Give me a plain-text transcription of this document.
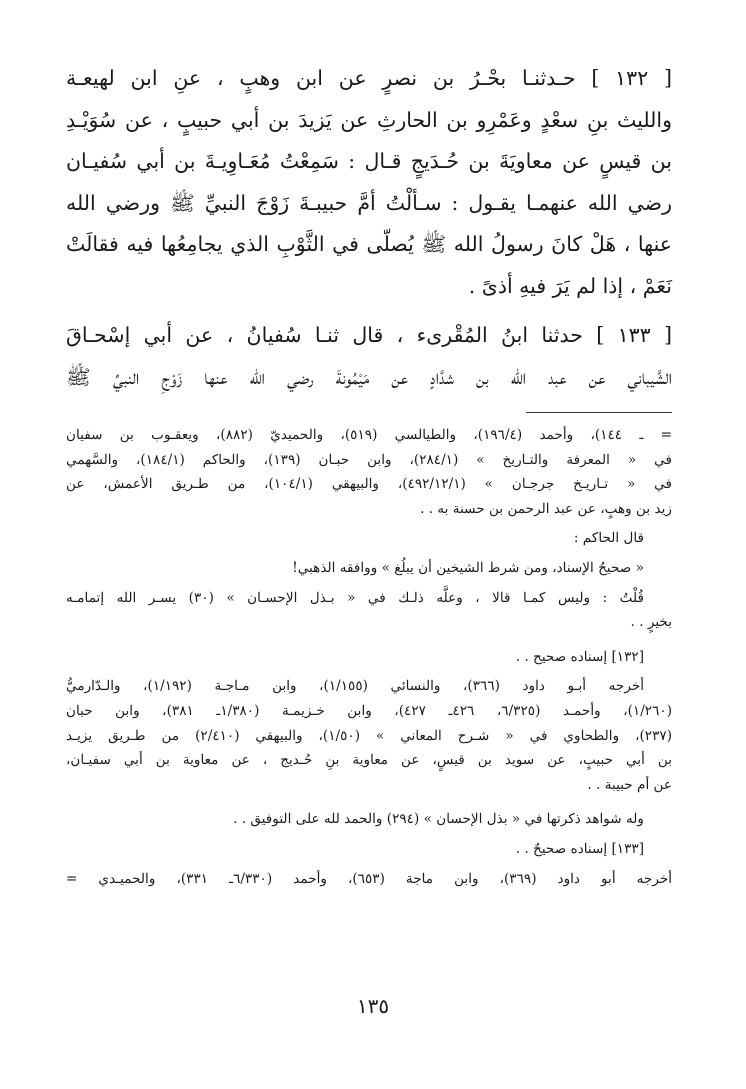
[ ١٣٢ ] حـدثنـا بحْـرُ بن نصرٍ عن ابن وهبٍ ، عنِ ابن لهيعـة

والليث بنِ سعْدٍ وعَمْرِو بن الحارثِ عن يَزيدَ بن أبي حبيبٍ ، عن سُوَيْـدِ

بن قيسٍ عن معاويَةَ بن حُـدَيجٍ قـال : سَمِعْتُ مُعَـاوِيـةَ بن أبي سُفيـان

رضي الله عنهمـا يقـول : سـألْتُ أمَّ حبيبـةَ زَوْجَ النبيِّ ﷺ ورضي الله

عنها ، هَلْ كانَ رسولُ الله ﷺ يُصلّى في الثَّوْبِ الذي يجامِعُها فيه فقالَتْ

نَعَمْ ، إذا لم يَرَ فيهِ أذىً .

[ ١٣٣ ] حدثنا ابنُ المُقْرىء ، قال ثنـا سُفيانُ ، عن أبي إسْحـاقَ

الشَّيباني عن عبد الله بن شدَّادٍ عن مَيْمُونةَ رضي الله عنها زَوْجِ النبيِّ ﷺ

= ـ ١٤٤)، وأحمد (١٩٦/٤)، والطيالسي (٥١٩)، والحميديّ (٨٨٢)، ويعقـوب بن سفيان

في « المعرفة والتـاريخ » (٢٨٤/١)، وابن حبـان (١٣٩)، والحاكم (١٨٤/١)، والسَّهمي

في « تـاريـخ جرجـان » (٤٩٢/١٢/١)، والبيهقي (١٠٤/١)، من طـريق الأعمش، عن

زيد بن وهبٍ، عن عبد الرحمن بن حسنة به . .

قال الحاكم :

« صحيحُ الإسناد، ومن شرط الشيخين أن يبلُغ » ووافقه الذهبي!

قُلْتُ : وليس كمـا قالا ، وعلَّه ذلـك في « بـذل الإحسـان » (٣٠) يسـر الله إتمامـه

بخيرٍ . .

[١٣٢] إسناده صحيح . .

أخرجه أبـو داود (٣٦٦)، والنسائي (١/١٥٥)، وابن مـاجـة (١/١٩٢)، والـدّارميُّ

(١/٢٦٠)، وأحمـد (٦/٣٢٥، ٤٢٦ـ ٤٢٧)، وابن خـزيمـة (١/٣٨٠ـ ٣٨١)، وابن حبان

(٢٣٧)، والطحاوي في « شـرح المعاني » (١/٥٠)، والبيهقي (٢/٤١٠) من طـريق يزيـد

بن أبي حبيبٍ، عن سويد بن قيسٍ، عن معاوية بنِ حُـديج ، عن معاوية بن أبي سفيـان،

عن أم حبيبة . .

وله شواهد ذكرتها في « بذل الإحسان » (٢٩٤) والحمد لله على التوفيق . .

[١٣٣] إسناده صحيحٌ . .

أخرجه أبو داود (٣٦٩)، وابن ماجة (٦٥٣)، وأحمد (٦/٣٣٠ـ ٣٣١)، والحميـدي =

١٣٥
